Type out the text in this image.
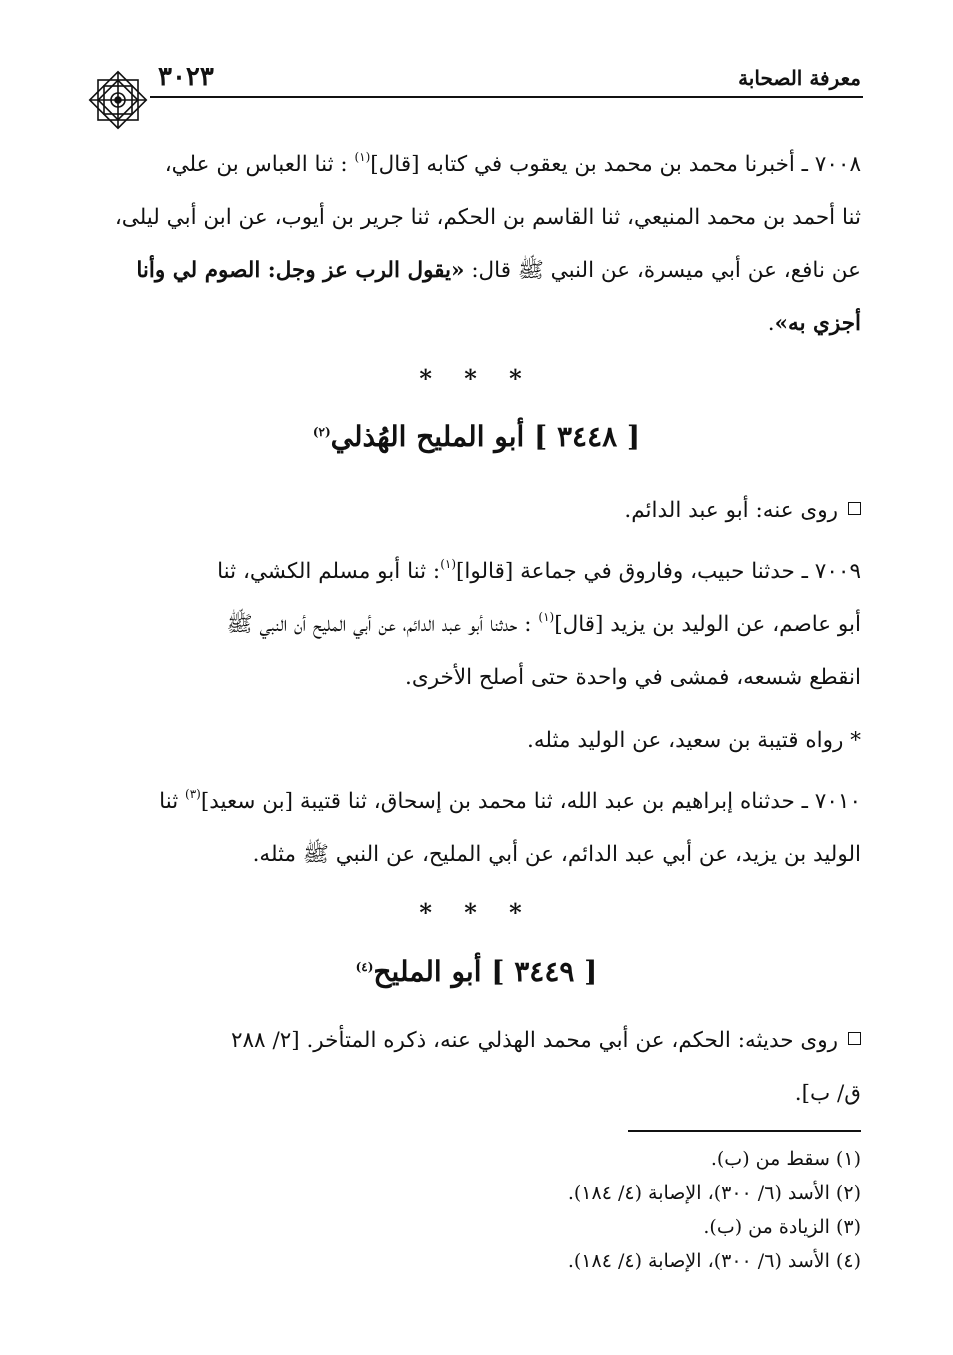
معرفة الصحابة
٣٠٢٣
٧٠٠٨ ـ أخبرنا محمد بن محمد بن يعقوب في كتابه [قال]$^{(١)}$ : ثنا العباس بن علي،
ثنا أحمد بن محمد المنيعي، ثنا القاسم بن الحكم، ثنا جرير بن أيوب، عن ابن أبي ليلى،
عن نافع، عن أبي ميسرة، عن النبي ﷺ قال: «يقول الرب عز وجل: الصوم لي وأنا
أجزي به».
* * *
[ ٣٤٤٨ ] أبو المليح الهُذلي$^{(٢)}$
روى عنه: أبو عبد الدائم.
٧٠٠٩ ـ حدثنا حبيب، وفاروق في جماعة [قالوا]$^{(١)}$: ثنا أبو مسلم الكشي، ثنا
أبو عاصم، عن الوليد بن يزيد [قال]$^{(١)}$ : حدثنا أبو عبد الدائم، عن أبي المليح أن النبي ﷺ
انقطع شسعه، فمشى في واحدة حتى أصلح الأخرى.
* رواه قتيبة بن سعيد، عن الوليد مثله.
٧٠١٠ ـ حدثناه إبراهيم بن عبد الله، ثنا محمد بن إسحاق، ثنا قتيبة [بن سعيد]$^{(٣)}$ ثنا
الوليد بن يزيد، عن أبي عبد الدائم، عن أبي المليح، عن النبي ﷺ مثله.
* * *
[ ٣٤٤٩ ] أبو المليح$^{(٤)}$
روى حديثه: الحكم، عن أبي محمد الهذلي عنه، ذكره المتأخر. [٢/ ٢٨٨
ق/ ب].
(١) سقط من (ب).
(٢) الأسد (٦/ ٣٠٠)، الإصابة (٤/ ١٨٤).
(٣) الزيادة من (ب).
(٤) الأسد (٦/ ٣٠٠)، الإصابة (٤/ ١٨٤).
